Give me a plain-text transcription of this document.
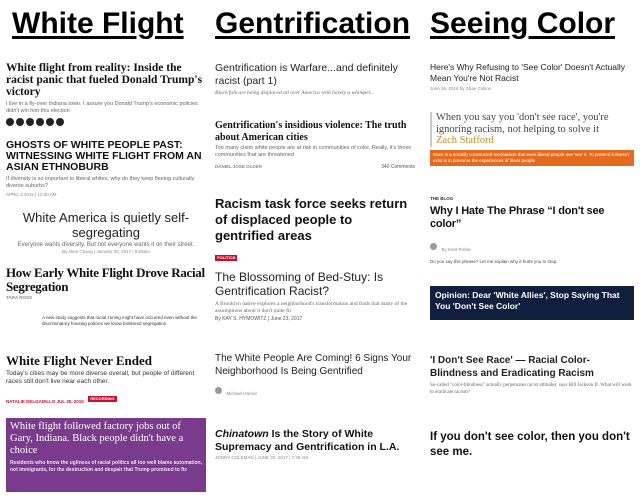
White Flight Gentrification Seeing Color
White flight from reality: Inside the racist panic that fueled Donald Trump's victory
I live in a fly-over Indiana town. I assure you Donald Trump's economic policies didn't win him this election
GHOSTS OF WHITE PEOPLE PAST: WITNESSING WHITE FLIGHT FROM AN ASIAN ETHNOBURB
If diversity is so important to liberal whites, why do they keep fleeing culturally diverse suburbs?
APRIL 3 2015 | 12:30 AM
White America is quietly self-segregating
Everyone wants diversity. But not everyone wants it on their street.
By Alice Chang | January 30, 2017 | 8:00am
How Early White Flight Drove Racial Segregation
TARA ROSS
A new study suggests that racial zoning might have occurred even without the discriminatory housing policies we know bolstered segregation.
White Flight Never Ended
Today's cities may be more diverse overall, but people of different races still don't live near each other.
NATALIE DELGADILLO JUL 30, 2015 RECORDING
White flight followed factory jobs out of Gary, Indiana. Black people didn't have a choice
Residents who know the ugliness of racial politics all too well blame automation, not immigrants, for the destruction and despair that Trump promised to fix
Gentrification is Warfare...and definitely racist (part 1)
Black folk are being displaced all over America with barely a whimper...
Gentrification's insidious violence: The truth about American cities
Too many claim white people are at risk in communities of color. Really, it's those communities that are threatened
DANIEL JOSE OLDER	340 Comments
Racism task force seeks return of displaced people to gentrified areas
POLITICS
The Blossoming of Bed-Stuy: Is Gentrification Racist?
A Brooklyn native explores a neighborhood's transformation and finds that many of the assumptions about it don't quite fit
By KAY S. HYMOWITZ | June 23, 2017
The White People Are Coming! 6 Signs Your Neighborhood Is Being Gentrified
Michael Harriot
Chinatown Is the Story of White Supremacy and Gentrification in L.A.
JONNY COLEMAN | JUNE 20, 2017 | 7:30 AM
Here's Why Refusing to 'See Color' Doesn't Actually Mean You're Not Racist
June 26, 2016 by Shae Collins
When you say you 'don't see race', you're ignoring racism, not helping to solve it
Zach Stafford
Race is a socially constructed mechanism that even liberal people use 'see' it. To pretend it doesn't exist is to presume the experiences of black people
THE BLOG
Why I Hate The Phrase “I don't see color”
By Kent Fisher
Do you say this phrase? Let me explain why it hurts you to stop.
Opinion: Dear 'White Allies', Stop Saying That You 'Don't See Color'
'I Don't See Race' — Racial Color-Blindness and Eradicating Racism
So-called "color-blindness" actually perpetuates racist attitudes, says Bill Jackson II. What will work to eradicate racism?
If you don't see color, then you don't see me.
